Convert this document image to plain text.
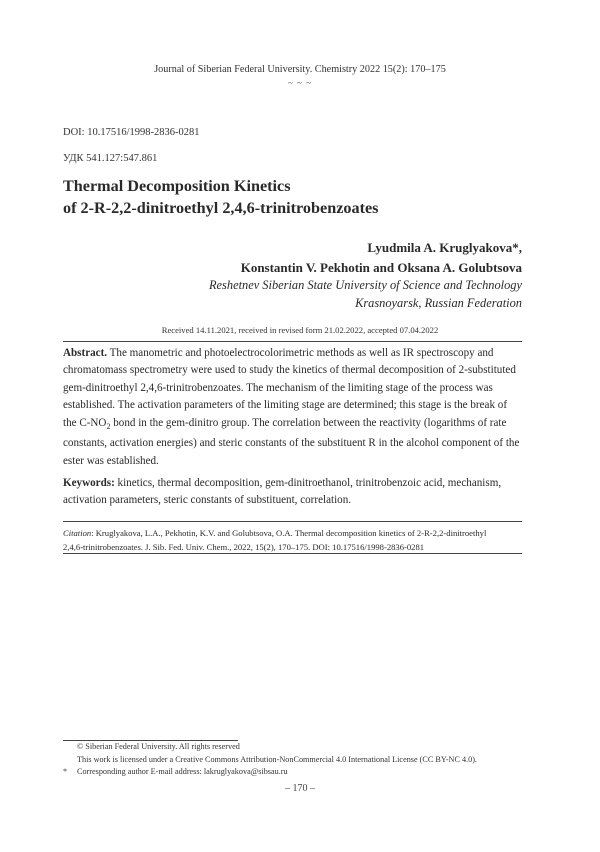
Journal of Siberian Federal University. Chemistry 2022 15(2): 170–175
~ ~ ~
DOI: 10.17516/1998-2836-0281
УДК 541.127:547.861
Thermal Decomposition Kinetics
of 2-R-2,2-dinitroethyl 2,4,6-trinitrobenzoates
Lyudmila A. Kruglyakova*,
Konstantin V. Pekhotin and Oksana A. Golubtsova
Reshetnev Siberian State University of Science and Technology
Krasnoyarsk, Russian Federation
Received 14.11.2021, received in revised form 21.02.2022, accepted 07.04.2022
Abstract. The manometric and photoelectrocolorimetric methods as well as IR spectroscopy and
chromatomass spectrometry were used to study the kinetics of thermal decomposition of 2-substituted
gem-dinitroethyl 2,4,6-trinitrobenzoates. The mechanism of the limiting stage of the process was
established. The activation parameters of the limiting stage are determined; this stage is the break of
the $C-NO_2$ bond in the gem-dinitro group. The correlation between the reactivity (logarithms of rate
constants, activation energies) and steric constants of the substituent R in the alcohol component of the
ester was established.
Keywords: kinetics, thermal decomposition, gem-dinitroethanol, trinitrobenzoic acid, mechanism,
activation parameters, steric constants of substituent, correlation.
Citation: Kruglyakova, L.A., Pekhotin, K.V. and Golubtsova, O.A. Thermal decomposition kinetics of 2-R-2,2-dinitroethyl
2,4,6-trinitrobenzoates. J. Sib. Fed. Univ. Chem., 2022, 15(2), 170–175. DOI: 10.17516/1998-2836-0281
© Siberian Federal University. All rights reserved
This work is licensed under a Creative Commons Attribution-NonCommercial 4.0 International License (CC BY-NC 4.0).
* Corresponding author E-mail address: lakruglyakova@sibsau.ru
– 170 –
